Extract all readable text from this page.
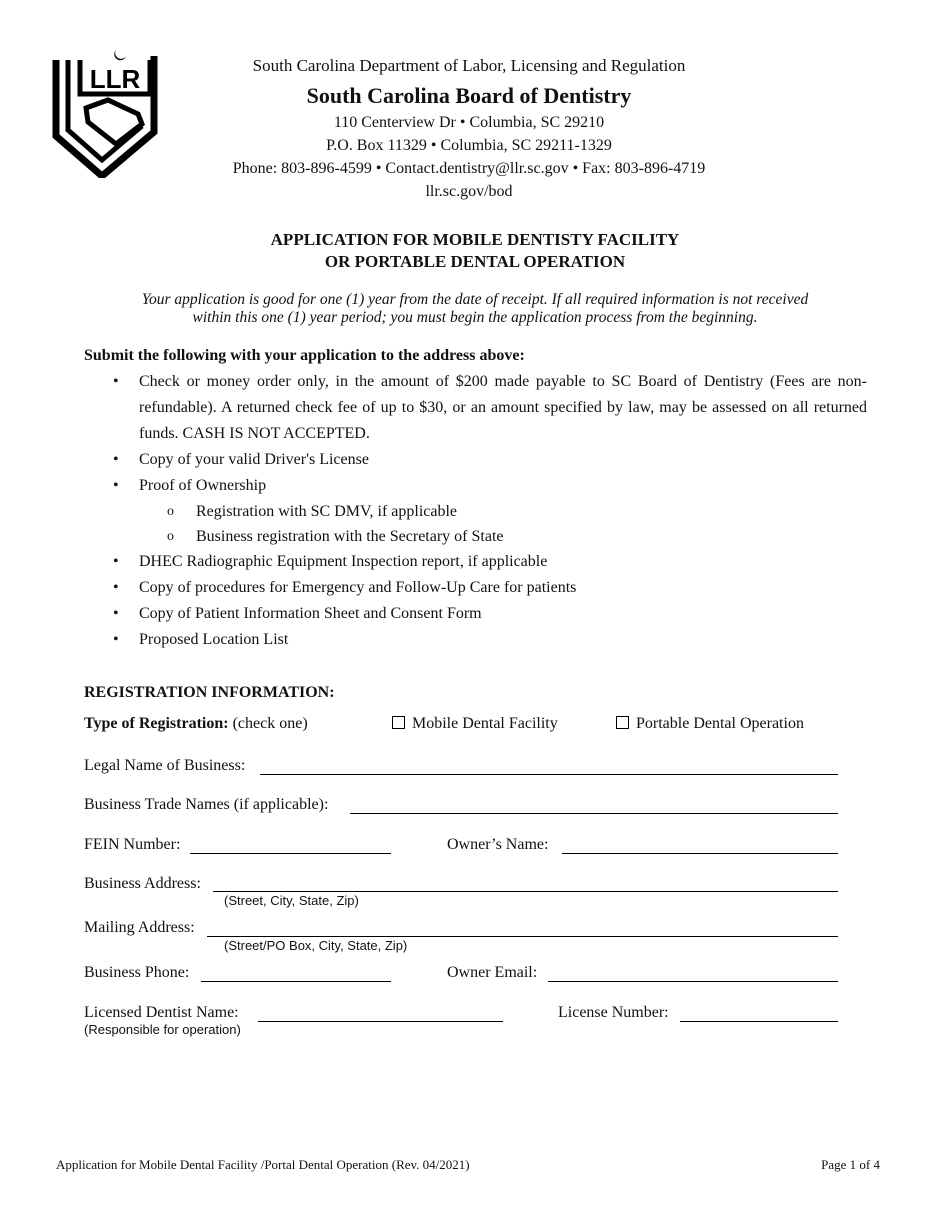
LLR	South Carolina Department of Labor, Licensing and Regulation
South Carolina Board of Dentistry
110 Centerview Dr • Columbia, SC 29210
P.O. Box 11329 • Columbia, SC 29211-1329
Phone: 803-896-4599 • Contact.dentistry@llr.sc.gov • Fax: 803-896-4719
llr.sc.gov/bod
APPLICATION FOR MOBILE DENTISTY FACILITY
OR PORTABLE DENTAL OPERATION
Your application is good for one (1) year from the date of receipt. If all required information is not received
within this one (1) year period; you must begin the application process from the beginning.
Submit the following with your application to the address above:
• Check or money order only, in the amount of $200 made payable to SC Board of Dentistry (Fees are non-refundable). A returned check fee of up to $30, or an amount specified by law, may be assessed on all returned funds. CASH IS NOT ACCEPTED.
• Copy of your valid Driver's License
• Proof of Ownership
o Registration with SC DMV, if applicable
o Business registration with the Secretary of State
• DHEC Radiographic Equipment Inspection report, if applicable
• Copy of procedures for Emergency and Follow-Up Care for patients
• Copy of Patient Information Sheet and Consent Form
• Proposed Location List
REGISTRATION INFORMATION:
Type of Registration: (check one)	Mobile Dental Facility	Portable Dental Operation
Legal Name of Business:
Business Trade Names (if applicable):
FEIN Number:	Owner’s Name:
Business Address:
(Street, City, State, Zip)
Mailing Address:
(Street/PO Box, City, State, Zip)
Business Phone:	Owner Email:
Licensed Dentist Name:
(Responsible for operation)
License Number:
Application for Mobile Dental Facility /Portal Dental Operation (Rev. 04/2021)	Page 1 of 4
